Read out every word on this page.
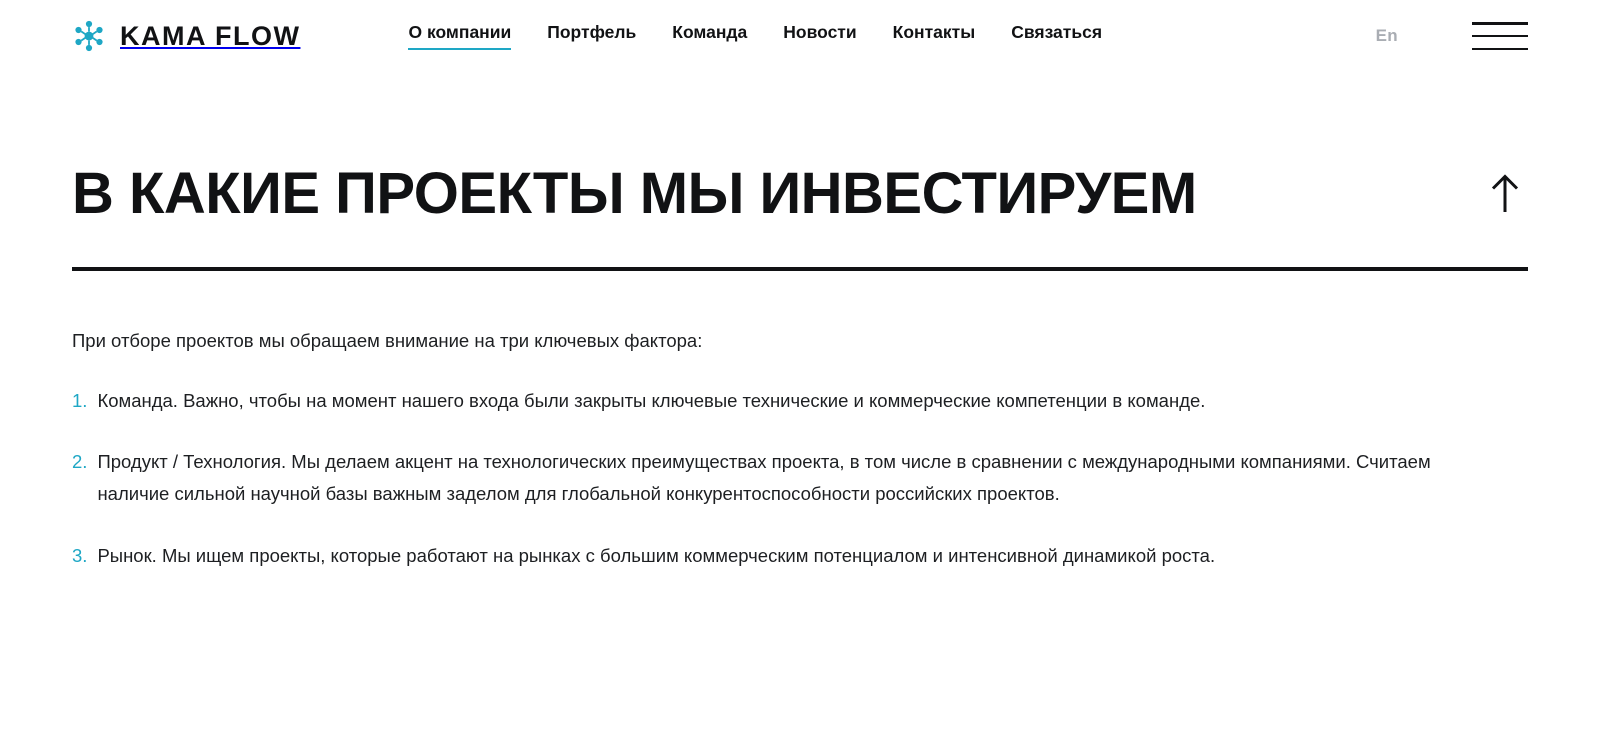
KAMA FLOW	О компании Портфель Команда Новости Контакты Связаться	En
В КАКИЕ ПРОЕКТЫ МЫ ИНВЕСТИРУЕМ

При отборе проектов мы обращаем внимание на три ключевых фактора:

1. Команда. Важно, чтобы на момент нашего входа были закрыты ключевые технические и коммерческие компетенции в команде.
2. Продукт / Технология. Мы делаем акцент на технологических преимуществах проекта, в том числе в сравнении с международными компаниями. Считаем наличие сильной научной базы важным заделом для глобальной конкурентоспособности российских проектов.
3. Рынок. Мы ищем проекты, которые работают на рынках с большим коммерческим потенциалом и интенсивной динамикой роста.
